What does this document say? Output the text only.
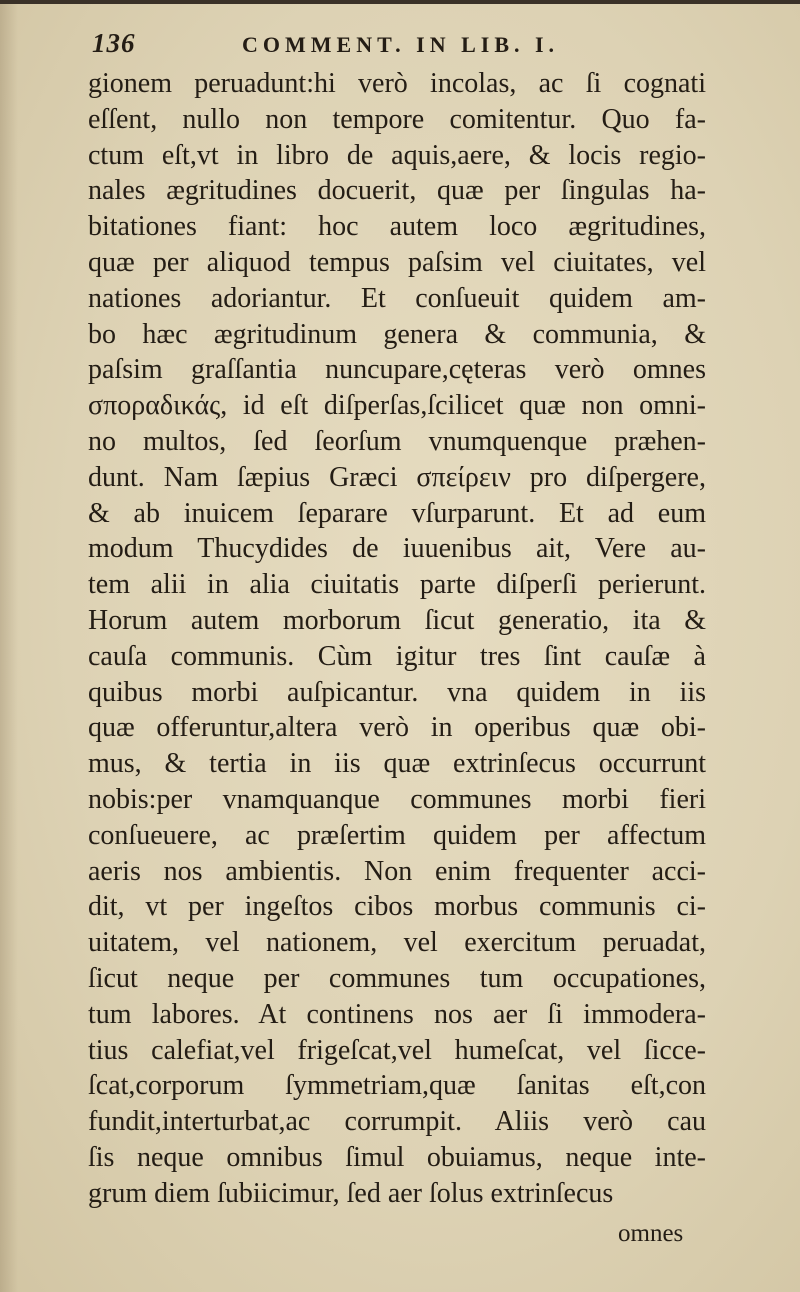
136	COMMENT. IN LIB. I.
gionem peruadunt:hi verò incolas, ac ſi cognati
eſſent, nullo non tempore comitentur. Quo fa-
ctum eſt,vt in libro de aquis,aere, & locis regio-
nales ægritudines docuerit, quæ per ſingulas ha-
bitationes fiant: hoc autem loco ægritudines,
quæ per aliquod tempus paſsim vel ciuitates, vel
nationes adoriantur. Et conſueuit quidem am-
bo hæc ægritudinum genera & communia, &
paſsim graſſantia nuncupare,cęteras verò omnes
σποραδικάς, id eſt diſperſas,ſcilicet quæ non omni-
no multos, ſed ſeorſum vnumquenque præhen-
dunt. Nam ſæpius Græci σπείρειν pro diſpergere,
& ab inuicem ſeparare vſurparunt. Et ad eum
modum Thucydides de iuuenibus ait, Vere au-
tem alii in alia ciuitatis parte diſperſi perierunt.
Horum autem morborum ſicut generatio, ita &
cauſa communis. Cùm igitur tres ſint cauſæ à
quibus morbi auſpicantur. vna quidem in iis
quæ offeruntur,altera verò in operibus quæ obi-
mus, & tertia in iis quæ extrinſecus occurrunt
nobis:per vnamquanque communes morbi fieri
conſueuere, ac præſertim quidem per affectum
aeris nos ambientis. Non enim frequenter acci-
dit, vt per ingeſtos cibos morbus communis ci-
uitatem, vel nationem, vel exercitum peruadat,
ſicut neque per communes tum occupationes,
tum labores. At continens nos aer ſi immodera-
tius calefiat,vel frigeſcat,vel humeſcat, vel ſicce-
ſcat,corporum ſymmetriam,quæ ſanitas eſt,con
fundit,interturbat,ac corrumpit. Aliis verò cau
ſis neque omnibus ſimul obuiamus, neque inte-
grum diem ſubiicimur, ſed aer ſolus extrinſecus
omnes
